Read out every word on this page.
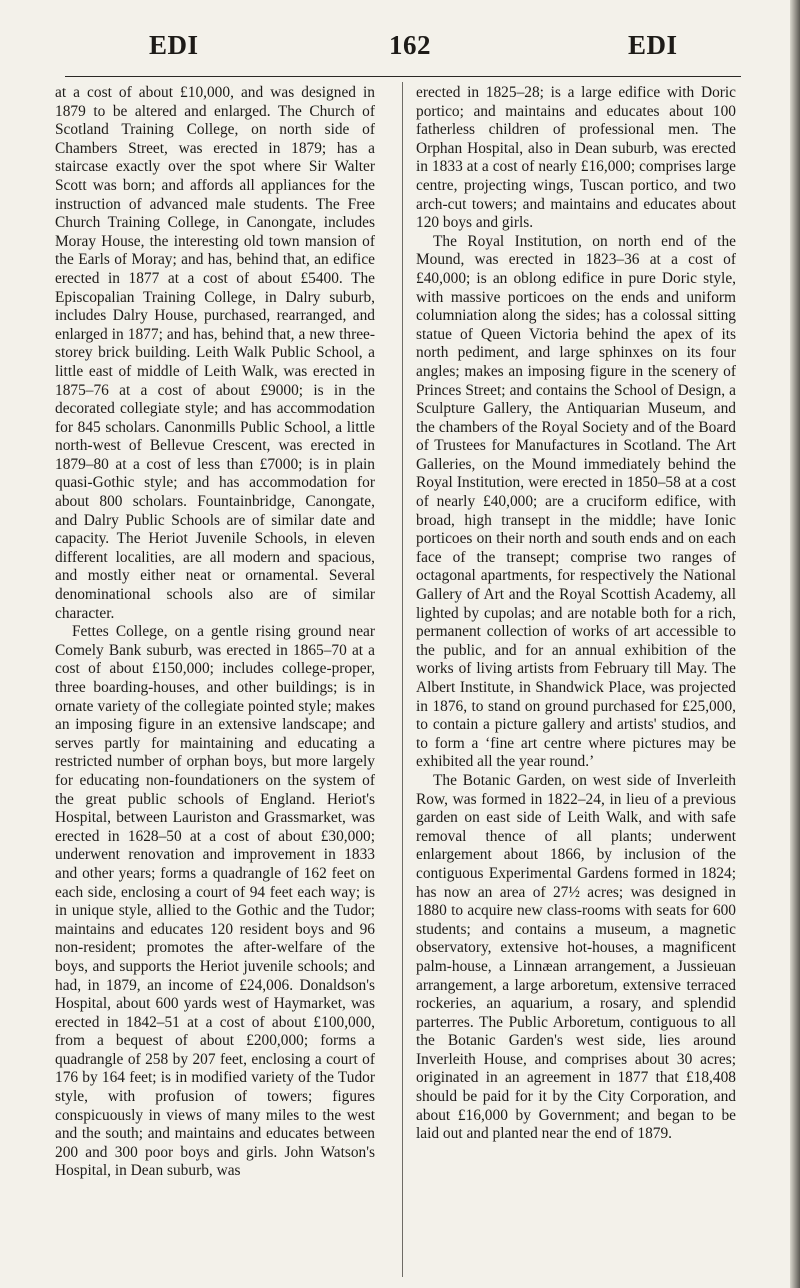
EDI	162	EDI

at a cost of about £10,000, and was designed in 1879 to be altered and enlarged. The Church of Scotland Training College, on north side of Chambers Street, was erected in 1879; has a staircase exactly over the spot where Sir Walter Scott was born; and affords all appliances for the instruction of advanced male students. The Free Church Training College, in Canongate, includes Moray House, the interesting old town mansion of the Earls of Moray; and has, behind that, an edifice erected in 1877 at a cost of about £5400. The Episcopalian Training College, in Dalry suburb, includes Dalry House, purchased, rearranged, and enlarged in 1877; and has, behind that, a new three-storey brick building. Leith Walk Public School, a little east of middle of Leith Walk, was erected in 1875–76 at a cost of about £9000; is in the decorated collegiate style; and has accommodation for 845 scholars. Canonmills Public School, a little north-west of Bellevue Crescent, was erected in 1879–80 at a cost of less than £7000; is in plain quasi-Gothic style; and has accommodation for about 800 scholars. Fountainbridge, Canongate, and Dalry Public Schools are of similar date and capacity. The Heriot Juvenile Schools, in eleven different localities, are all modern and spacious, and mostly either neat or ornamental. Several denominational schools also are of similar character.

Fettes College, on a gentle rising ground near Comely Bank suburb, was erected in 1865–70 at a cost of about £150,000; includes college-proper, three boarding-houses, and other buildings; is in ornate variety of the collegiate pointed style; makes an imposing figure in an extensive landscape; and serves partly for maintaining and educating a restricted number of orphan boys, but more largely for educating non-foundationers on the system of the great public schools of England. Heriot's Hospital, between Lauriston and Grassmarket, was erected in 1628–50 at a cost of about £30,000; underwent renovation and improvement in 1833 and other years; forms a quadrangle of 162 feet on each side, enclosing a court of 94 feet each way; is in unique style, allied to the Gothic and the Tudor; maintains and educates 120 resident boys and 96 non-resident; promotes the after-welfare of the boys, and supports the Heriot juvenile schools; and had, in 1879, an income of £24,006. Donaldson's Hospital, about 600 yards west of Haymarket, was erected in 1842–51 at a cost of about £100,000, from a bequest of about £200,000; forms a quadrangle of 258 by 207 feet, enclosing a court of 176 by 164 feet; is in modified variety of the Tudor style, with profusion of towers; figures conspicuously in views of many miles to the west and the south; and maintains and educates between 200 and 300 poor boys and girls. John Watson's Hospital, in Dean suburb, was

erected in 1825–28; is a large edifice with Doric portico; and maintains and educates about 100 fatherless children of professional men. The Orphan Hospital, also in Dean suburb, was erected in 1833 at a cost of nearly £16,000; comprises large centre, projecting wings, Tuscan portico, and two arch-cut towers; and maintains and educates about 120 boys and girls.

The Royal Institution, on north end of the Mound, was erected in 1823–36 at a cost of £40,000; is an oblong edifice in pure Doric style, with massive porticoes on the ends and uniform columniation along the sides; has a colossal sitting statue of Queen Victoria behind the apex of its north pediment, and large sphinxes on its four angles; makes an imposing figure in the scenery of Princes Street; and contains the School of Design, a Sculpture Gallery, the Antiquarian Museum, and the chambers of the Royal Society and of the Board of Trustees for Manufactures in Scotland. The Art Galleries, on the Mound immediately behind the Royal Institution, were erected in 1850–58 at a cost of nearly £40,000; are a cruciform edifice, with broad, high transept in the middle; have Ionic porticoes on their north and south ends and on each face of the transept; comprise two ranges of octagonal apartments, for respectively the National Gallery of Art and the Royal Scottish Academy, all lighted by cupolas; and are notable both for a rich, permanent collection of works of art accessible to the public, and for an annual exhibition of the works of living artists from February till May. The Albert Institute, in Shandwick Place, was projected in 1876, to stand on ground purchased for £25,000, to contain a picture gallery and artists' studios, and to form a ‘fine art centre where pictures may be exhibited all the year round.’

The Botanic Garden, on west side of Inverleith Row, was formed in 1822–24, in lieu of a previous garden on east side of Leith Walk, and with safe removal thence of all plants; underwent enlargement about 1866, by inclusion of the contiguous Experimental Gardens formed in 1824; has now an area of 27½ acres; was designed in 1880 to acquire new class-rooms with seats for 600 students; and contains a museum, a magnetic observatory, extensive hot-houses, a magnificent palm-house, a Linnæan arrangement, a Jussieuan arrangement, a large arboretum, extensive terraced rockeries, an aquarium, a rosary, and splendid parterres. The Public Arboretum, contiguous to all the Botanic Garden's west side, lies around Inverleith House, and comprises about 30 acres; originated in an agreement in 1877 that £18,408 should be paid for it by the City Corporation, and about £16,000 by Government; and began to be laid out and planted near the end of 1879.
